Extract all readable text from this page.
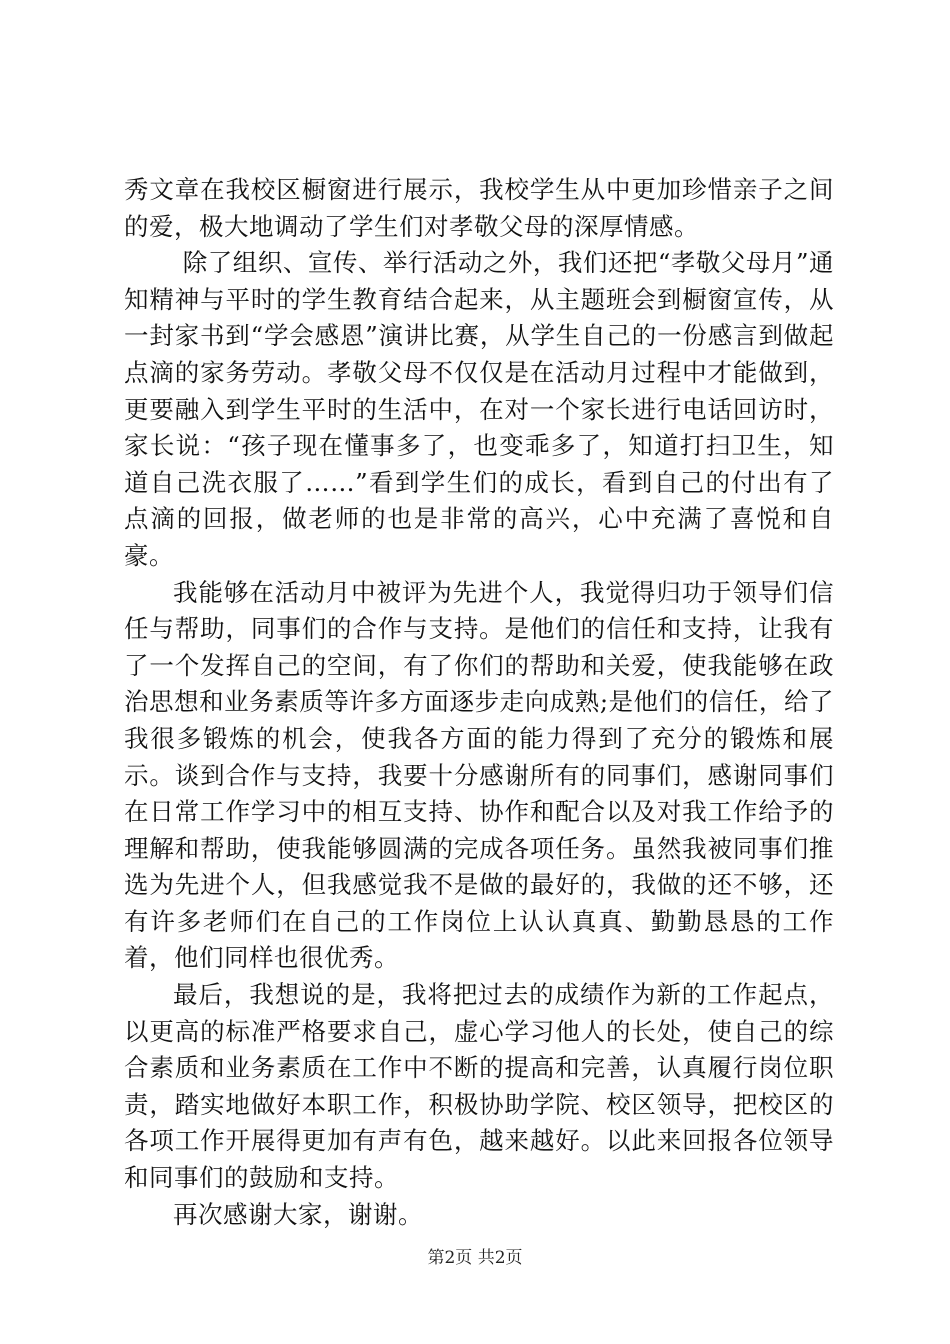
秀文章在我校区橱窗进行展示，我校学生从中更加珍惜亲子之间的爱，极大地调动了学生们对孝敬父母的深厚情感。

除了组织、宣传、举行活动之外，我们还把“孝敬父母月”通知精神与平时的学生教育结合起来，从主题班会到橱窗宣传，从一封家书到“学会感恩”演讲比赛，从学生自己的一份感言到做起点滴的家务劳动。孝敬父母不仅仅是在活动月过程中才能做到，更要融入到学生平时的生活中，在对一个家长进行电话回访时，家长说：“孩子现在懂事多了，也变乖多了，知道打扫卫生，知道自己洗衣服了……”看到学生们的成长，看到自己的付出有了点滴的回报，做老师的也是非常的高兴，心中充满了喜悦和自豪。

我能够在活动月中被评为先进个人，我觉得归功于领导们信任与帮助，同事们的合作与支持。是他们的信任和支持，让我有了一个发挥自己的空间，有了你们的帮助和关爱，使我能够在政治思想和业务素质等许多方面逐步走向成熟;是他们的信任，给了我很多锻炼的机会，使我各方面的能力得到了充分的锻炼和展示。谈到合作与支持，我要十分感谢所有的同事们，感谢同事们在日常工作学习中的相互支持、协作和配合以及对我工作给予的理解和帮助，使我能够圆满的完成各项任务。虽然我被同事们推选为先进个人，但我感觉我不是做的最好的，我做的还不够，还有许多老师们在自己的工作岗位上认认真真、勤勤恳恳的工作着，他们同样也很优秀。

最后，我想说的是，我将把过去的成绩作为新的工作起点，以更高的标准严格要求自己，虚心学习他人的长处，使自己的综合素质和业务素质在工作中不断的提高和完善，认真履行岗位职责，踏实地做好本职工作，积极协助学院、校区领导，把校区的各项工作开展得更加有声有色，越来越好。以此来回报各位领导和同事们的鼓励和支持。

再次感谢大家，谢谢。

第2页 共2页
